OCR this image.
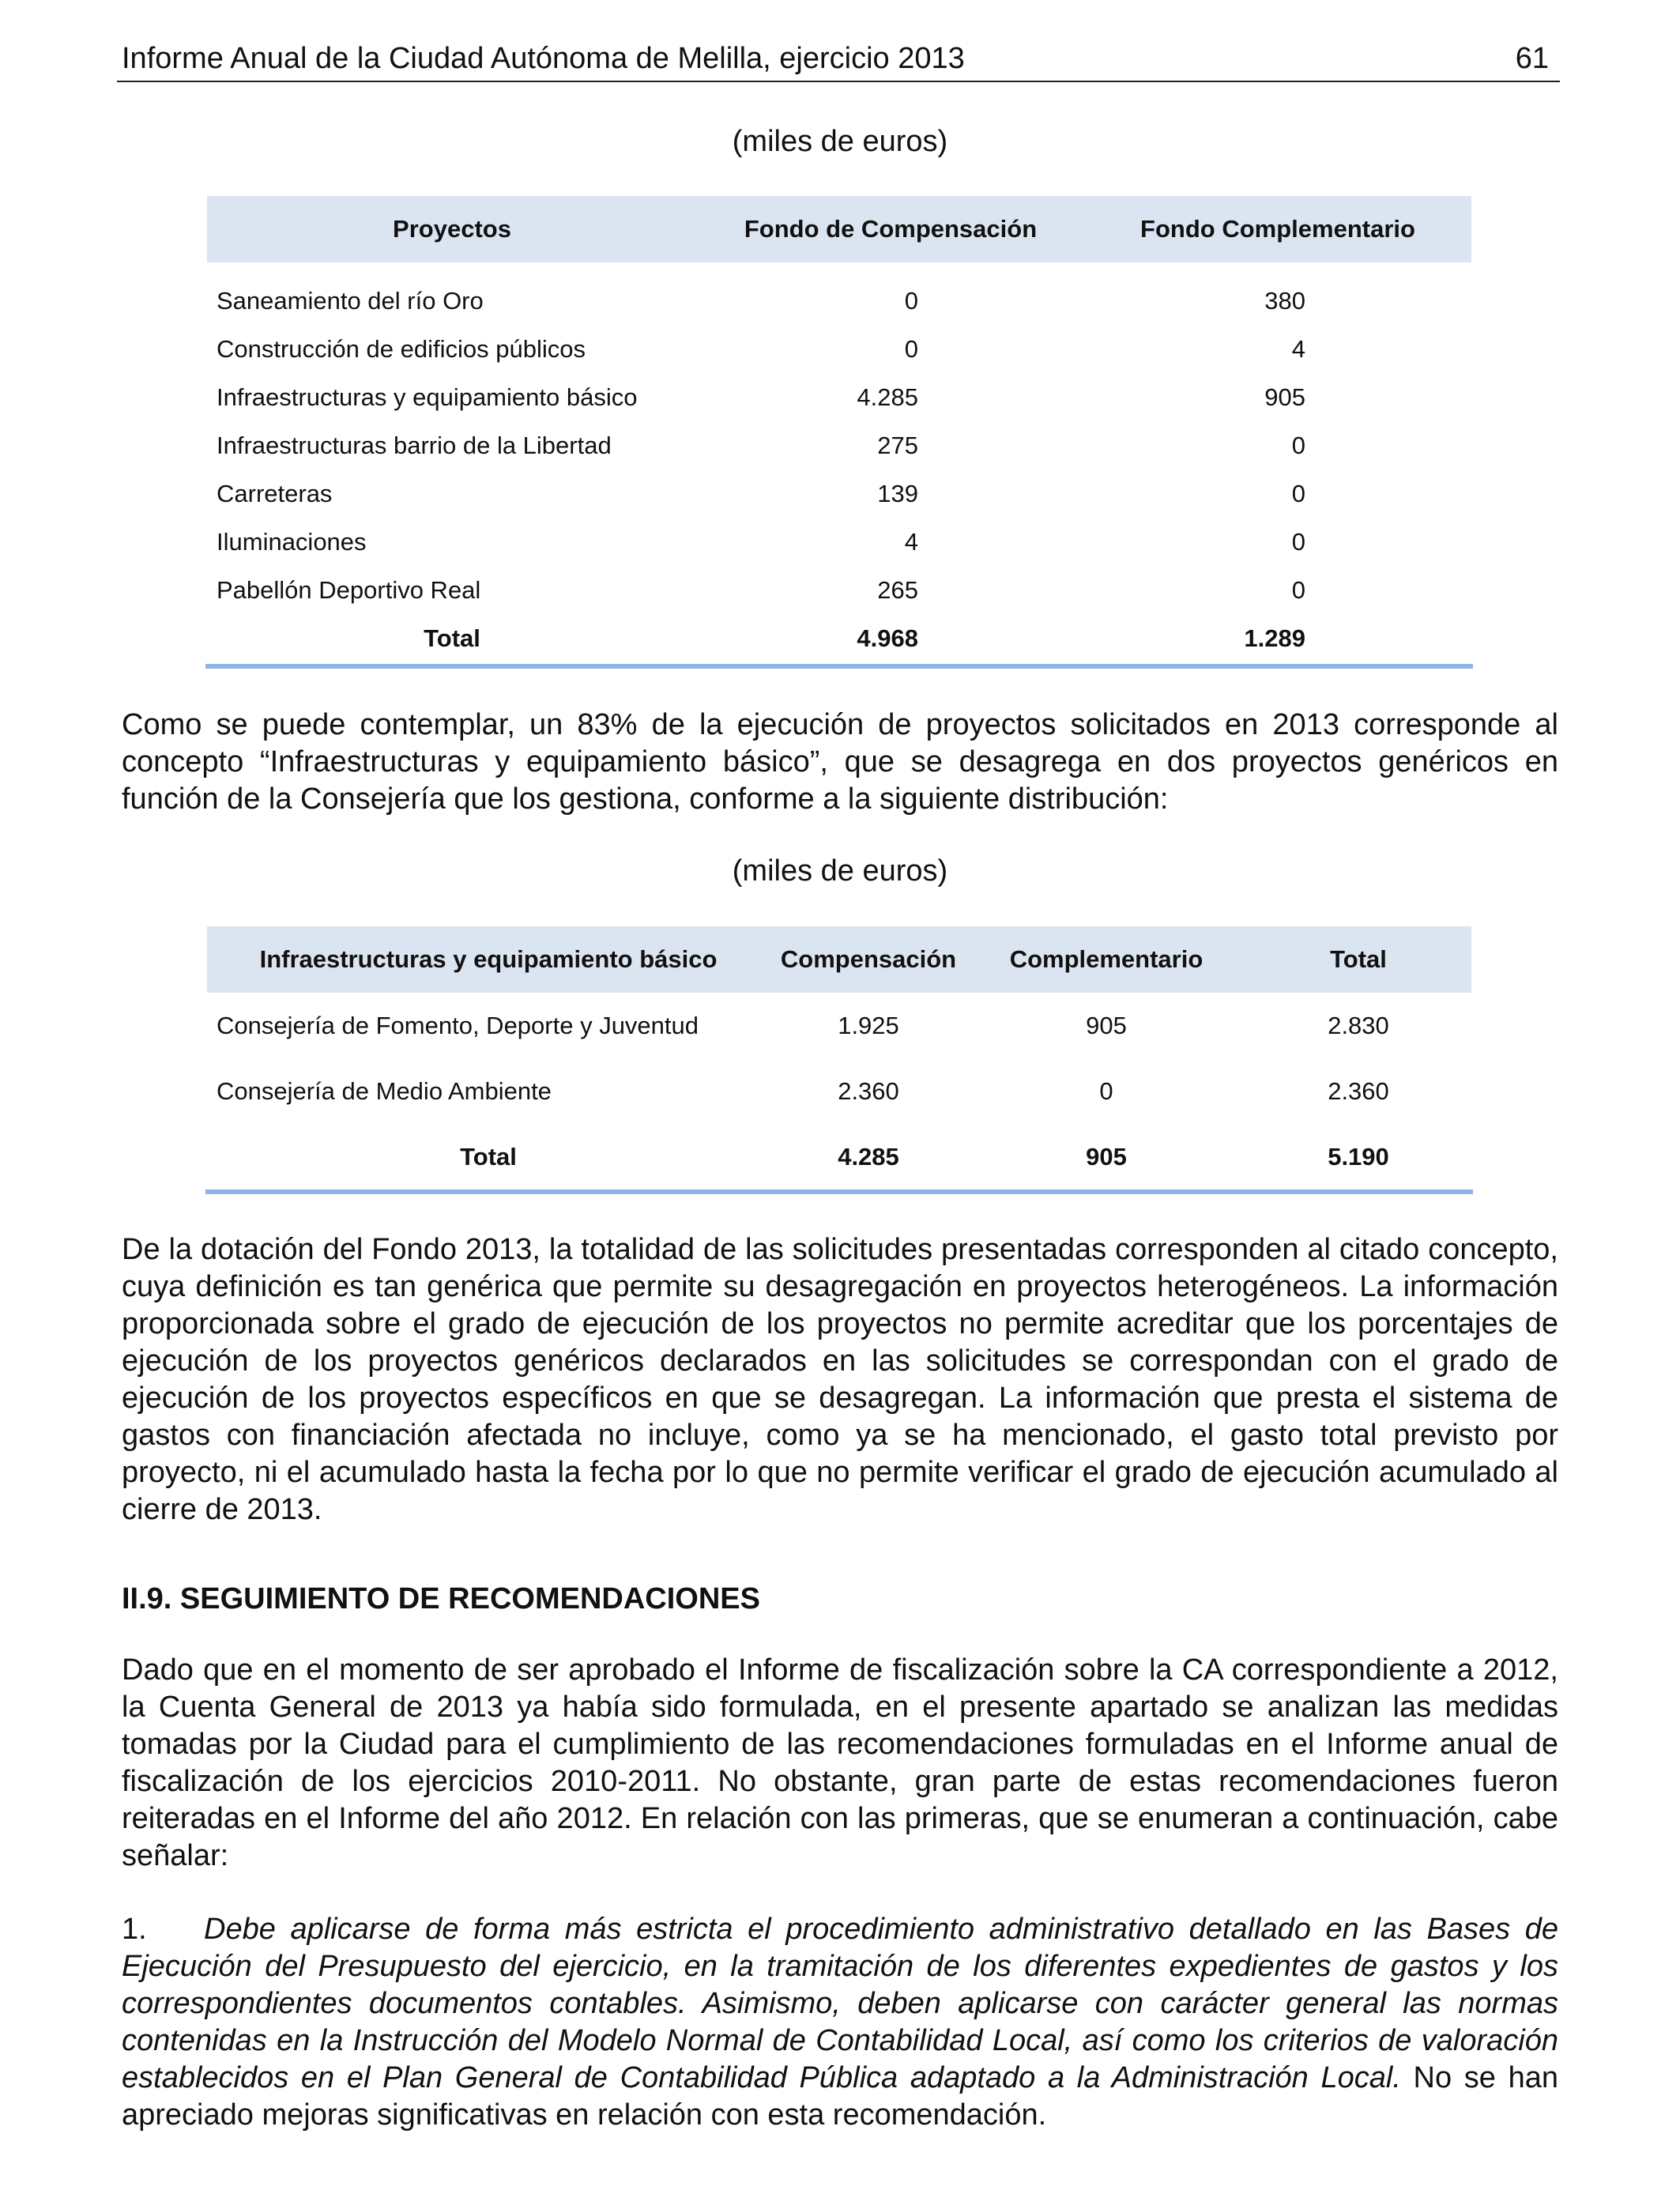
Informe Anual de la Ciudad Autónoma de Melilla, ejercicio 2013	61
(miles de euros)
Proyectos	Fondo de Compensación	Fondo Complementario

Saneamiento del río Oro	0	380
Construcción de edificios públicos	0	4
Infraestructuras y equipamiento básico	4.285	905
Infraestructuras barrio de la Libertad	275	0
Carreteras	139	0
Iluminaciones	4	0
Pabellón Deportivo Real	265	0
Total	4.968	1.289

Como se puede contemplar, un 83% de la ejecución de proyectos solicitados en 2013 corresponde al concepto “Infraestructuras y equipamiento básico”, que se desagrega en dos proyectos genéricos en función de la Consejería que los gestiona, conforme a la siguiente distribución:

(miles de euros)
Infraestructuras y equipamiento básico	Compensación	Complementario	Total
Consejería de Fomento, Deporte y Juventud	1.925	905	2.830
Consejería de Medio Ambiente	2.360	0	2.360
Total	4.285	905	5.190

De la dotación del Fondo 2013, la totalidad de las solicitudes presentadas corresponden al citado concepto, cuya definición es tan genérica que permite su desagregación en proyectos heterogéneos. La información proporcionada sobre el grado de ejecución de los proyectos no permite acreditar que los porcentajes de ejecución de los proyectos genéricos declarados en las solicitudes se correspondan con el grado de ejecución de los proyectos específicos en que se desagregan. La información que presta el sistema de gastos con financiación afectada no incluye, como ya se ha mencionado, el gasto total previsto por proyecto, ni el acumulado hasta la fecha por lo que no permite verificar el grado de ejecución acumulado al cierre de 2013.

II.9. SEGUIMIENTO DE RECOMENDACIONES

Dado que en el momento de ser aprobado el Informe de fiscalización sobre la CA correspondiente a 2012, la Cuenta General de 2013 ya había sido formulada, en el presente apartado se analizan las medidas tomadas por la Ciudad para el cumplimiento de las recomendaciones formuladas en el Informe anual de fiscalización de los ejercicios 2010-2011. No obstante, gran parte de estas recomendaciones fueron reiteradas en el Informe del año 2012. En relación con las primeras, que se enumeran a continuación, cabe señalar:

1. Debe aplicarse de forma más estricta el procedimiento administrativo detallado en las Bases de Ejecución del Presupuesto del ejercicio, en la tramitación de los diferentes expedientes de gastos y los correspondientes documentos contables. Asimismo, deben aplicarse con carácter general las normas contenidas en la Instrucción del Modelo Normal de Contabilidad Local, así como los criterios de valoración establecidos en el Plan General de Contabilidad Pública adaptado a la Administración Local. No se han apreciado mejoras significativas en relación con esta recomendación.
